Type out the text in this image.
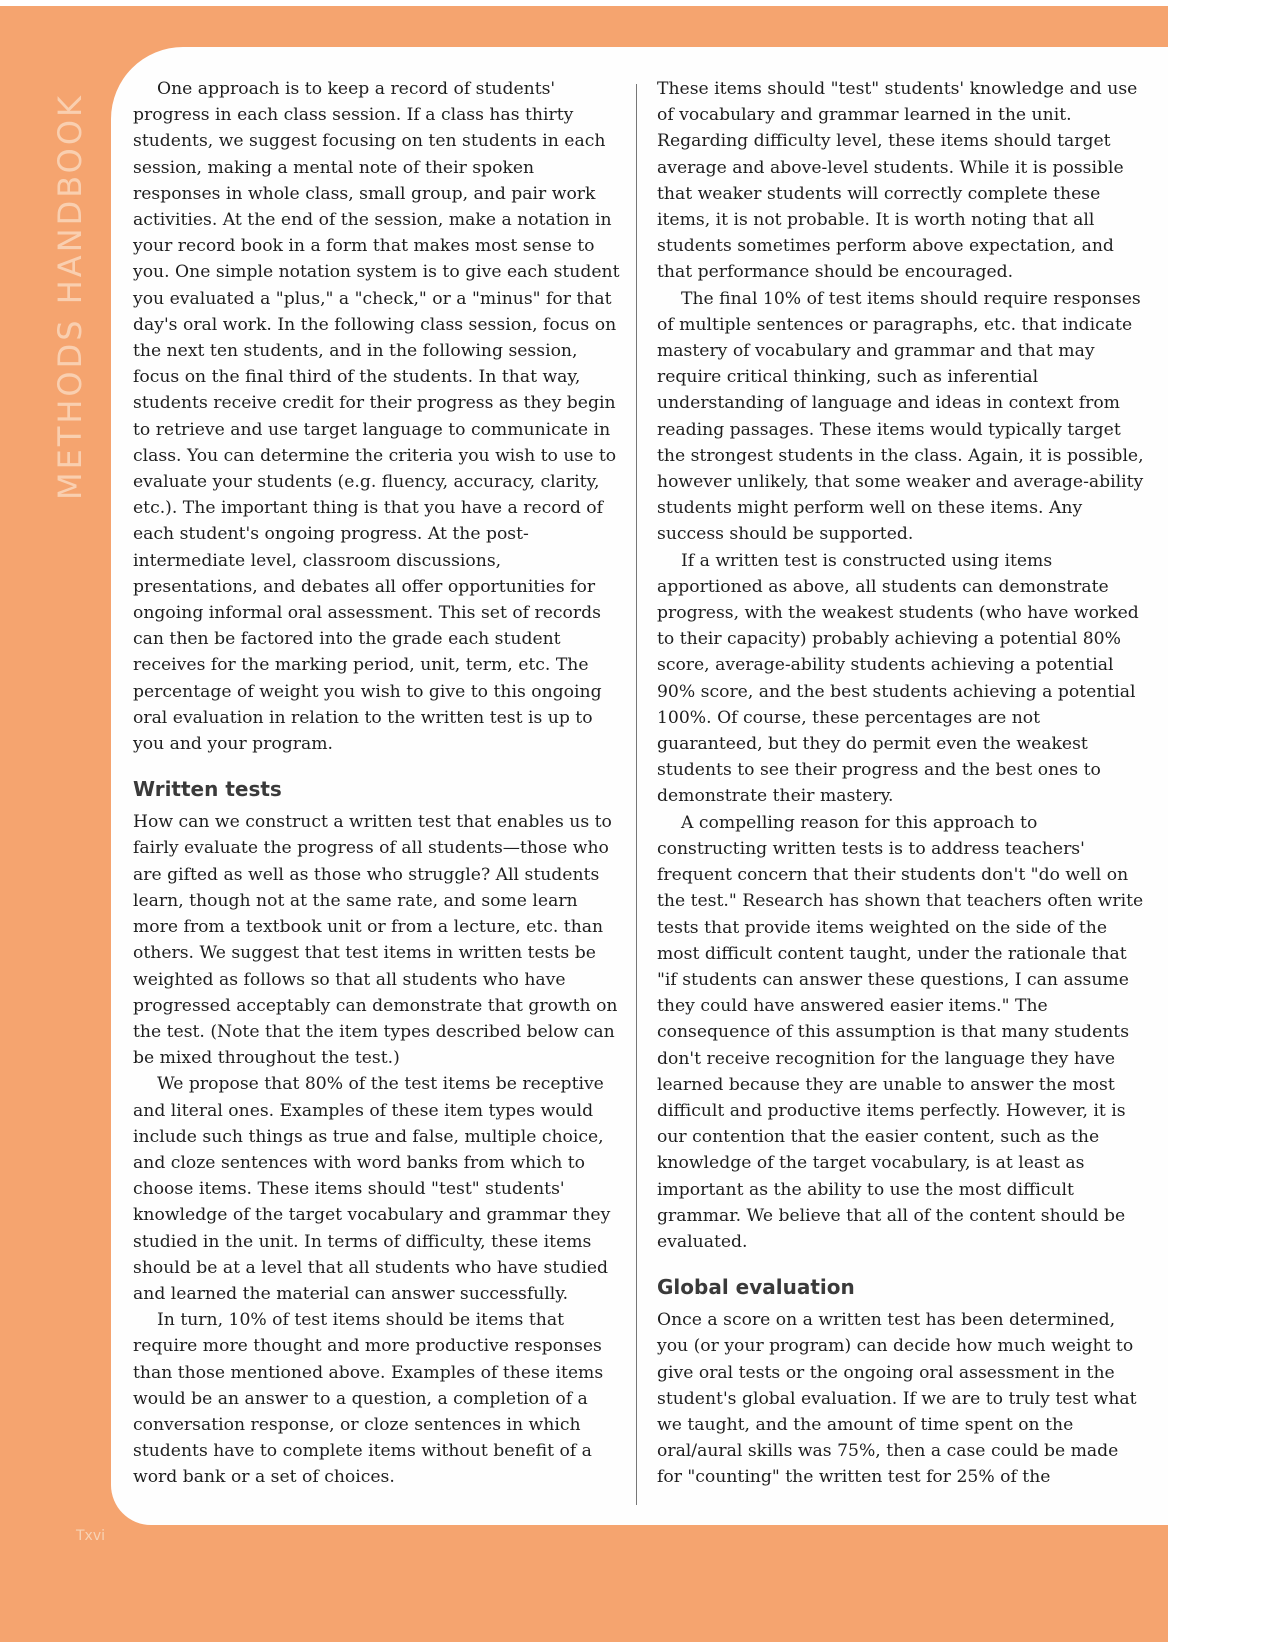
METHODS HANDBOOK
Txvi

One approach is to keep a record of students' progress in each class session. If a class has thirty students, we suggest focusing on ten students in each session, making a mental note of their spoken responses in whole class, small group, and pair work activities. At the end of the session, make a notation in your record book in a form that makes most sense to you. One simple notation system is to give each student you evaluated a "plus," a "check," or a "minus" for that day's oral work. In the following class session, focus on the next ten students, and in the following session, focus on the final third of the students. In that way, students receive credit for their progress as they begin to retrieve and use target language to communicate in class. You can determine the criteria you wish to use to evaluate your students (e.g. fluency, accuracy, clarity, etc.). The important thing is that you have a record of each student's ongoing progress. At the post-intermediate level, classroom discussions, presentations, and debates all offer opportunities for ongoing informal oral assessment. This set of records can then be factored into the grade each student receives for the marking period, unit, term, etc. The percentage of weight you wish to give to this ongoing oral evaluation in relation to the written test is up to you and your program.

Written tests

How can we construct a written test that enables us to fairly evaluate the progress of all students—those who are gifted as well as those who struggle? All students learn, though not at the same rate, and some learn more from a textbook unit or from a lecture, etc. than others. We suggest that test items in written tests be weighted as follows so that all students who have progressed acceptably can demonstrate that growth on the test. (Note that the item types described below can be mixed throughout the test.)

We propose that 80% of the test items be receptive and literal ones. Examples of these item types would include such things as true and false, multiple choice, and cloze sentences with word banks from which to choose items. These items should "test" students' knowledge of the target vocabulary and grammar they studied in the unit. In terms of difficulty, these items should be at a level that all students who have studied and learned the material can answer successfully.

In turn, 10% of test items should be items that require more thought and more productive responses than those mentioned above. Examples of these items would be an answer to a question, a completion of a conversation response, or cloze sentences in which students have to complete items without benefit of a word bank or a set of choices.

These items should "test" students' knowledge and use of vocabulary and grammar learned in the unit. Regarding difficulty level, these items should target average and above-level students. While it is possible that weaker students will correctly complete these items, it is not probable. It is worth noting that all students sometimes perform above expectation, and that performance should be encouraged.

The final 10% of test items should require responses of multiple sentences or paragraphs, etc. that indicate mastery of vocabulary and grammar and that may require critical thinking, such as inferential understanding of language and ideas in context from reading passages. These items would typically target the strongest students in the class. Again, it is possible, however unlikely, that some weaker and average-ability students might perform well on these items. Any success should be supported.

If a written test is constructed using items apportioned as above, all students can demonstrate progress, with the weakest students (who have worked to their capacity) probably achieving a potential 80% score, average-ability students achieving a potential 90% score, and the best students achieving a potential 100%. Of course, these percentages are not guaranteed, but they do permit even the weakest students to see their progress and the best ones to demonstrate their mastery.

A compelling reason for this approach to constructing written tests is to address teachers' frequent concern that their students don't "do well on the test." Research has shown that teachers often write tests that provide items weighted on the side of the most difficult content taught, under the rationale that "if students can answer these questions, I can assume they could have answered easier items." The consequence of this assumption is that many students don't receive recognition for the language they have learned because they are unable to answer the most difficult and productive items perfectly. However, it is our contention that the easier content, such as the knowledge of the target vocabulary, is at least as important as the ability to use the most difficult grammar. We believe that all of the content should be evaluated.

Global evaluation

Once a score on a written test has been determined, you (or your program) can decide how much weight to give oral tests or the ongoing oral assessment in the student's global evaluation. If we are to truly test what we taught, and the amount of time spent on the oral/aural skills was 75%, then a case could be made for "counting" the written test for 25% of the
